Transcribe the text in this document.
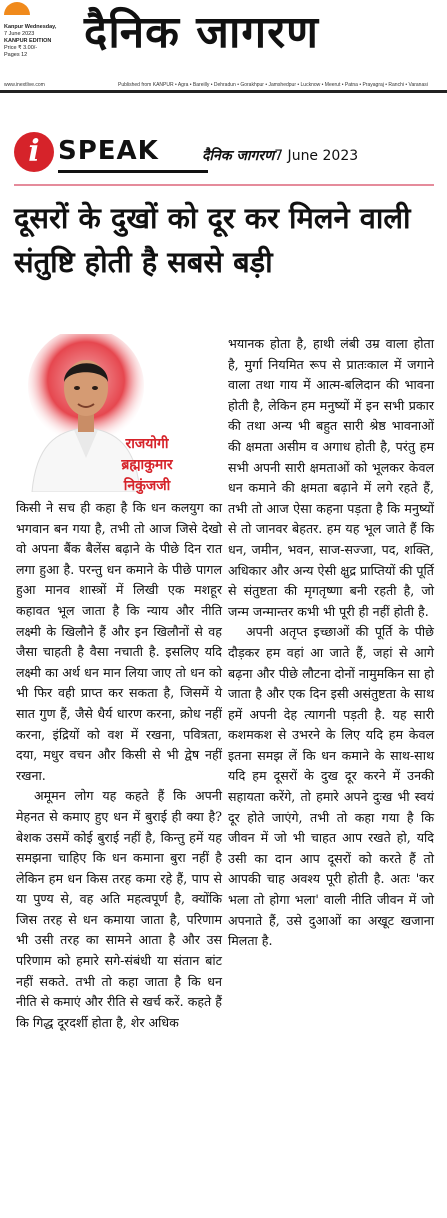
Kanpur Wednesday,
7 June 2023
KANPUR EDITION
Price ₹ 3.00/-
Pages 12	दैनिक जागरण
www.inextlive.com	Published from KANPUR • Agra • Bareilly • Dehradun • Gorakhpur • Jamshedpur • Lucknow • Meerut • Patna • Prayagraj • Ranchi • Varanasi
i SPEAK	दैनिक जागरण7 June 2023
दूसरों के दुखों को दूर कर मिलने वाली संतुष्टि होती है सबसे बड़ी
राजयोगी
ब्रह्माकुमार
निकुंजजी

किसी ने सच ही कहा है कि धन कलयुग का भगवान बन गया है, तभी तो आज जिसे देखो वो अपना बैंक बैलेंस बढ़ाने के पीछे दिन रात लगा हुआ है. परन्तु धन कमाने के पीछे पागल हुआ मानव शास्त्रों में लिखी एक मशहूर कहावत भूल जाता है कि न्याय और नीति लक्ष्मी के खिलौने हैं और इन खिलौनों से वह जैसा चाहती है वैसा नचाती है. इसलिए यदि लक्ष्मी का अर्थ धन मान लिया जाए तो धन को भी फिर वही प्राप्त कर सकता है, जिसमें ये सात गुण हैं, जैसे धैर्य धारण करना, क्रोध नहीं करना, इंद्रियों को वश में रखना, पवित्रता, दया, मधुर वचन और किसी से भी द्वेष नहीं रखना.

अमूमन लोग यह कहते हैं कि अपनी मेहनत से कमाए हुए धन में बुराई ही क्या है? बेशक उसमें कोई बुराई नहीं है, किन्तु हमें यह समझना चाहिए कि धन कमाना बुरा नहीं है लेकिन हम धन किस तरह कमा रहे हैं, पाप से या पुण्य से, वह अति महत्वपूर्ण है, क्योंकि जिस तरह से धन कमाया जाता है, परिणाम भी उसी तरह का सामने आता है और उस परिणाम को हमारे सगे-संबंधी या संतान बांट नहीं सकते. तभी तो कहा जाता है कि धन नीति से कमाएं और रीति से खर्च करें. कहते हैं कि गिद्ध दूरदर्शी होता है, शेर अधिक

भयानक होता है, हाथी लंबी उम्र वाला होता है, मुर्गा नियमित रूप से प्रातःकाल में जगाने वाला तथा गाय में आत्म-बलिदान की भावना होती है, लेकिन हम मनुष्यों में इन सभी प्रकार की तथा अन्य भी बहुत सारी श्रेष्ठ भावनाओं की क्षमता असीम व अगाध होती है, परंतु हम सभी अपनी सारी क्षमताओं को भूलकर केवल धन कमाने की क्षमता बढ़ाने में लगे रहते हैं, तभी तो आज ऐसा कहना पड़ता है कि मनुष्यों से तो जानवर बेहतर. हम यह भूल जाते हैं कि धन, जमीन, भवन, साज-सज्जा, पद, शक्ति, अधिकार और अन्य ऐसी क्षुद्र प्राप्तियों की पूर्ति से संतुष्टता की मृगतृष्णा बनी रहती है, जो जन्म जन्मान्तर कभी भी पूरी ही नहीं होती है.

अपनी अतृप्त इच्छाओं की पूर्ति के पीछे दौड़कर हम वहां आ जाते हैं, जहां से आगे बढ़ना और पीछे लौटना दोनों नामुमकिन सा हो जाता है और एक दिन इसी असंतुष्टता के साथ हमें अपनी देह त्यागनी पड़ती है. यह सारी कशमकश से उभरने के लिए यदि हम केवल इतना समझ लें कि धन कमाने के साथ-साथ यदि हम दूसरों के दुख दूर करने में उनकी सहायता करेंगे, तो हमारे अपने दुःख भी स्वयं दूर होते जाएंगे, तभी तो कहा गया है कि जीवन में जो भी चाहत आप रखते हो, यदि उसी का दान आप दूसरों को करते हैं तो आपकी चाह अवश्य पूरी होती है. अतः 'कर भला तो होगा भला' वाली नीति जीवन में जो अपनाते हैं, उसे दुआओं का अखूट खजाना मिलता है.
